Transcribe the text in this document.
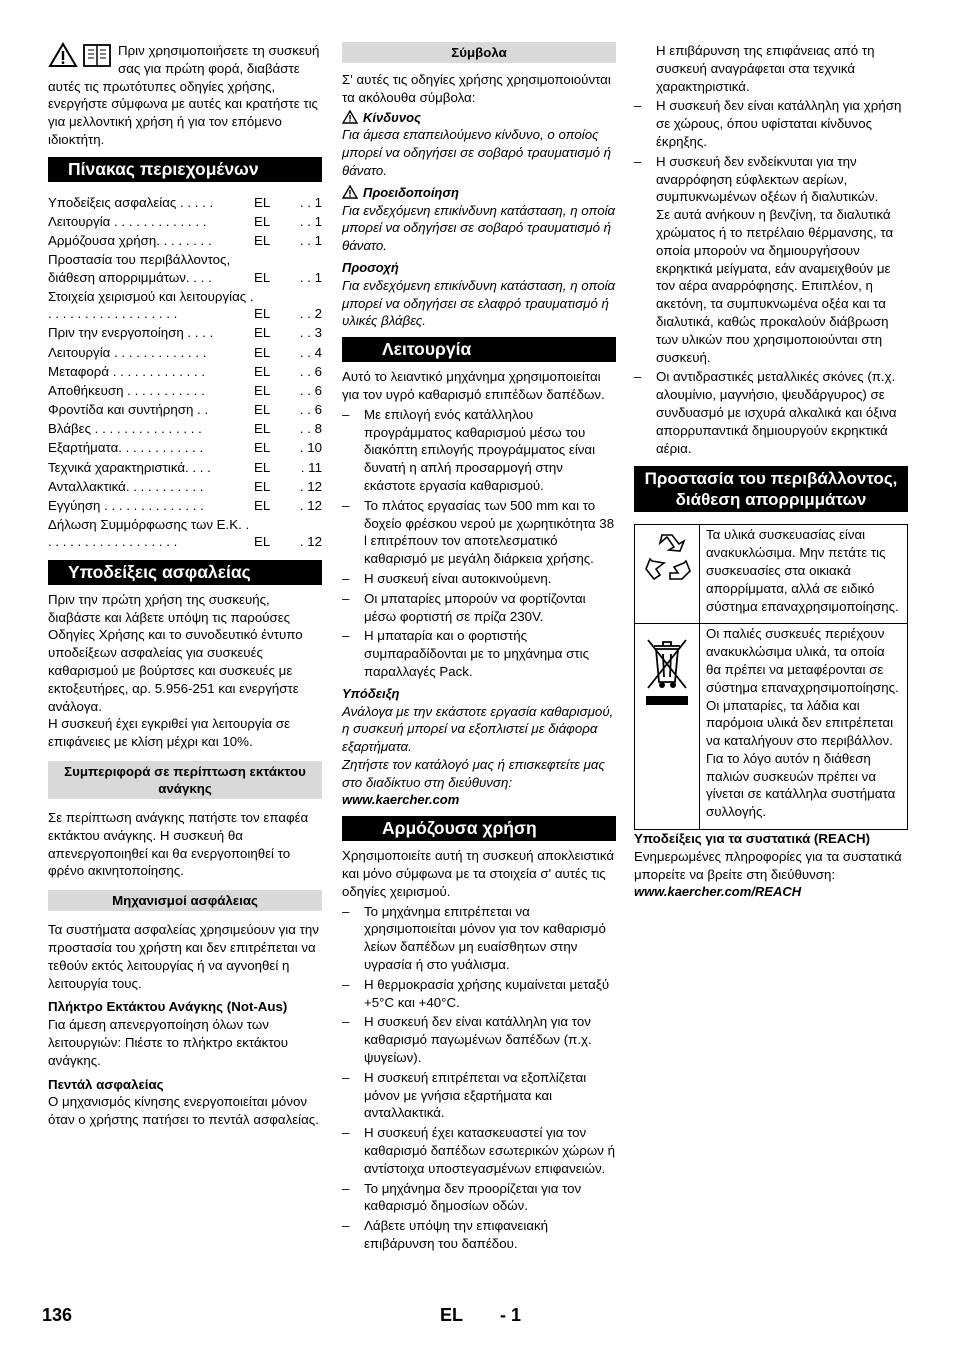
Πριν χρησιμοποιήσετε τη συσκευή σας για πρώτη φορά, διαβάστε αυτές τις πρωτότυπες οδηγίες χρήσης, ενεργήστε σύμφωνα με αυτές και κρατήστε τις για μελλοντική χρήση ή για τον επόμενο ιδιοκτήτη.

Πίνακας περιεχομένων
Υποδείξεις ασφαλείας . . . . .	EL	. . 1
Λειτουργία . . . . . . . . . . . . .	EL	. . 1
Αρμόζουσα χρήση. . . . . . . .	EL	. . 1
Προστασία του περιβάλλοντος, διάθεση απορριμμάτων. . . .	EL	. . 1
Στοιχεία χειρισμού και λειτουργίας . . . . . . . . . . . . . . . . . . .	EL	. . 2
Πριν την ενεργοποίηση . . . .	EL	. . 3
Λειτουργία . . . . . . . . . . . . .	EL	. . 4
Μεταφορά . . . . . . . . . . . . .	EL	. . 6
Αποθήκευση . . . . . . . . . . .	EL	. . 6
Φροντίδα και συντήρηση . .	EL	. . 6
Βλάβες . . . . . . . . . . . . . . .	EL	. . 8
Εξαρτήματα. . . . . . . . . . . .	EL	. 10
Τεχνικά χαρακτηριστικά. . . .	EL	. 11
Ανταλλακτικά. . . . . . . . . . .	EL	. 12
Εγγύηση . . . . . . . . . . . . . .	EL	. 12
Δήλωση Συμμόρφωσης των Ε.Κ. . . . . . . . . . . . . . . . . . . .	EL	. 12
Υποδείξεις ασφαλείας

Πριν την πρώτη χρήση της συσκευής, διαβάστε και λάβετε υπόψη τις παρούσες Οδηγίες Χρήσης και το συνοδευτικό έντυπο υποδείξεων ασφαλείας για συσκευές καθαρισμού με βούρτσες και συσκευές με εκτοξευτήρες, αρ. 5.956-251 και ενεργήστε ανάλογα.

Η συσκευή έχει εγκριθεί για λειτουργία σε επιφάνειες με κλίση μέχρι και 10%.

Συμπεριφορά σε περίπτωση εκτάκτου ανάγκης

Σε περίπτωση ανάγκης πατήστε τον επαφέα εκτάκτου ανάγκης. Η συσκευή θα απενεργοποιηθεί και θα ενεργοποιηθεί το φρένο ακινητοποίησης.

Μηχανισμοί ασφάλειας

Τα συστήματα ασφαλείας χρησιμεύουν για την προστασία του χρήστη και δεν επιτρέπεται να τεθούν εκτός λειτουργίας ή να αγνοηθεί η λειτουργία τους.

Πλήκτρο Εκτάκτου Ανάγκης (Not-Aus)

Για άμεση απενεργοποίηση όλων των λειτουργιών: Πιέστε το πλήκτρο εκτάκτου ανάγκης.

Πεντάλ ασφαλείας

Ο μηχανισμός κίνησης ενεργοποιείται μόνον όταν ο χρήστης πατήσει το πεντάλ ασφαλείας.

Σύμβολα

Σ' αυτές τις οδηγίες χρήσης χρησιμοποιούνται τα ακόλουθα σύμβολα:

Κίνδυνος

Για άμεσα επαπειλούμενο κίνδυνο, ο οποίος μπορεί να οδηγήσει σε σοβαρό τραυματισμό ή θάνατο.

Προειδοποίηση

Για ενδεχόμενη επικίνδυνη κατάσταση, η οποία μπορεί να οδηγήσει σε σοβαρό τραυματισμό ή θάνατο.

Προσοχή

Για ενδεχόμενη επικίνδυνη κατάσταση, η οποία μπορεί να οδηγήσει σε ελαφρό τραυματισμό ή υλικές βλάβες.

Λειτουργία

Αυτό το λειαντικό μηχάνημα χρησιμοποιείται για τον υγρό καθαρισμό επιπέδων δαπέδων.

– Με επιλογή ενός κατάλληλου προγράμματος καθαρισμού μέσω του διακόπτη επιλογής προγράμματος είναι δυνατή η απλή προσαρμογή στην εκάστοτε εργασία καθαρισμού.
– Το πλάτος εργασίας των 500 mm και το δοχείο φρέσκου νερού με χωρητικότητα 38 l επιτρέπουν τον αποτελεσματικό καθαρισμό με μεγάλη διάρκεια χρήσης.
– Η συσκευή είναι αυτοκινούμενη.
– Οι μπαταρίες μπορούν να φορτίζονται μέσω φορτιστή σε πρίζα 230V.
– Η μπαταρία και ο φορτιστής συμπαραδίδονται με το μηχάνημα στις παραλλαγές Pack.

Υπόδειξη

Ανάλογα με την εκάστοτε εργασία καθαρισμού, η συσκευή μπορεί να εξοπλιστεί με διάφορα εξαρτήματα.

Ζητήστε τον κατάλογό μας ή επισκεφτείτε μας στο διαδίκτυο στη διεύθυνση:

www.kaercher.com

Αρμόζουσα χρήση

Χρησιμοποιείτε αυτή τη συσκευή αποκλειστικά και μόνο σύμφωνα με τα στοιχεία σ' αυτές τις οδηγίες χειρισμού.

– Το μηχάνημα επιτρέπεται να χρησιμοποιείται μόνον για τον καθαρισμό λείων δαπέδων μη ευαίσθητων στην υγρασία ή στο γυάλισμα.
– Η θερμοκρασία χρήσης κυμαίνεται μεταξύ +5°C και +40°C.
– Η συσκευή δεν είναι κατάλληλη για τον καθαρισμό παγωμένων δαπέδων (π.χ. ψυγείων).
– Η συσκευή επιτρέπεται να εξοπλίζεται μόνον με γνήσια εξαρτήματα και ανταλλακτικά.
– Η συσκευή έχει κατασκευαστεί για τον καθαρισμό δαπέδων εσωτερικών χώρων ή αντίστοιχα υποστεγασμένων επιφανειών.
– Το μηχάνημα δεν προορίζεται για τον καθαρισμό δημοσίων οδών.
– Λάβετε υπόψη την επιφανειακή επιβάρυνση του δαπέδου.

Η επιβάρυνση της επιφάνειας από τη συσκευή αναγράφεται στα τεχνικά χαρακτηριστικά.

– Η συσκευή δεν είναι κατάλληλη για χρήση σε χώρους, όπου υφίσταται κίνδυνος έκρηξης.
– Η συσκευή δεν ενδείκνυται για την αναρρόφηση εύφλεκτων αερίων, συμπυκνωμένων οξέων ή διαλυτικών.
Σε αυτά ανήκουν η βενζίνη, τα διαλυτικά χρώματος ή το πετρέλαιο θέρμανσης, τα οποία μπορούν να δημιουργήσουν εκρηκτικά μείγματα, εάν αναμειχθούν με τον αέρα αναρρόφησης. Επιπλέον, η ακετόνη, τα συμπυκνωμένα οξέα και τα διαλυτικά, καθώς προκαλούν διάβρωση των υλικών που χρησιμοποιούνται στη συσκευή.
– Οι αντιδραστικές μεταλλικές σκόνες (π.χ. αλουμίνιο, μαγνήσιο, ψευδάργυρος) σε συνδυασμό με ισχυρά αλκαλικά και όξινα απορρυπαντικά δημιουργούν εκρηκτικά αέρια.
Προστασία του περιβάλλοντος, διάθεση απορριμμάτων
	Τα υλικά συσκευασίας είναι ανακυκλώσιμα. Μην πετάτε τις συσκευασίες στα οικιακά απορρίμματα, αλλά σε ειδικό σύστημα επαναχρησιμοποίησης.
	Οι παλιές συσκευές περιέχουν ανακυκλώσιμα υλικά, τα οποία θα πρέπει να μεταφέρονται σε σύστημα επαναχρησιμοποίησης. Οι μπαταρίες, τα λάδια και παρόμοια υλικά δεν επιτρέπεται να καταλήγουν στο περιβάλλον. Για το λόγο αυτόν η διάθεση παλιών συσκευών πρέπει να γίνεται σε κατάλληλα συστήματα συλλογής.

Υποδείξεις για τα συστατικά (REACH)

Ενημερωμένες πληροφορίες για τα συστατικά μπορείτε να βρείτε στη διεύθυνση:

www.kaercher.com/REACH

136	EL - 1
